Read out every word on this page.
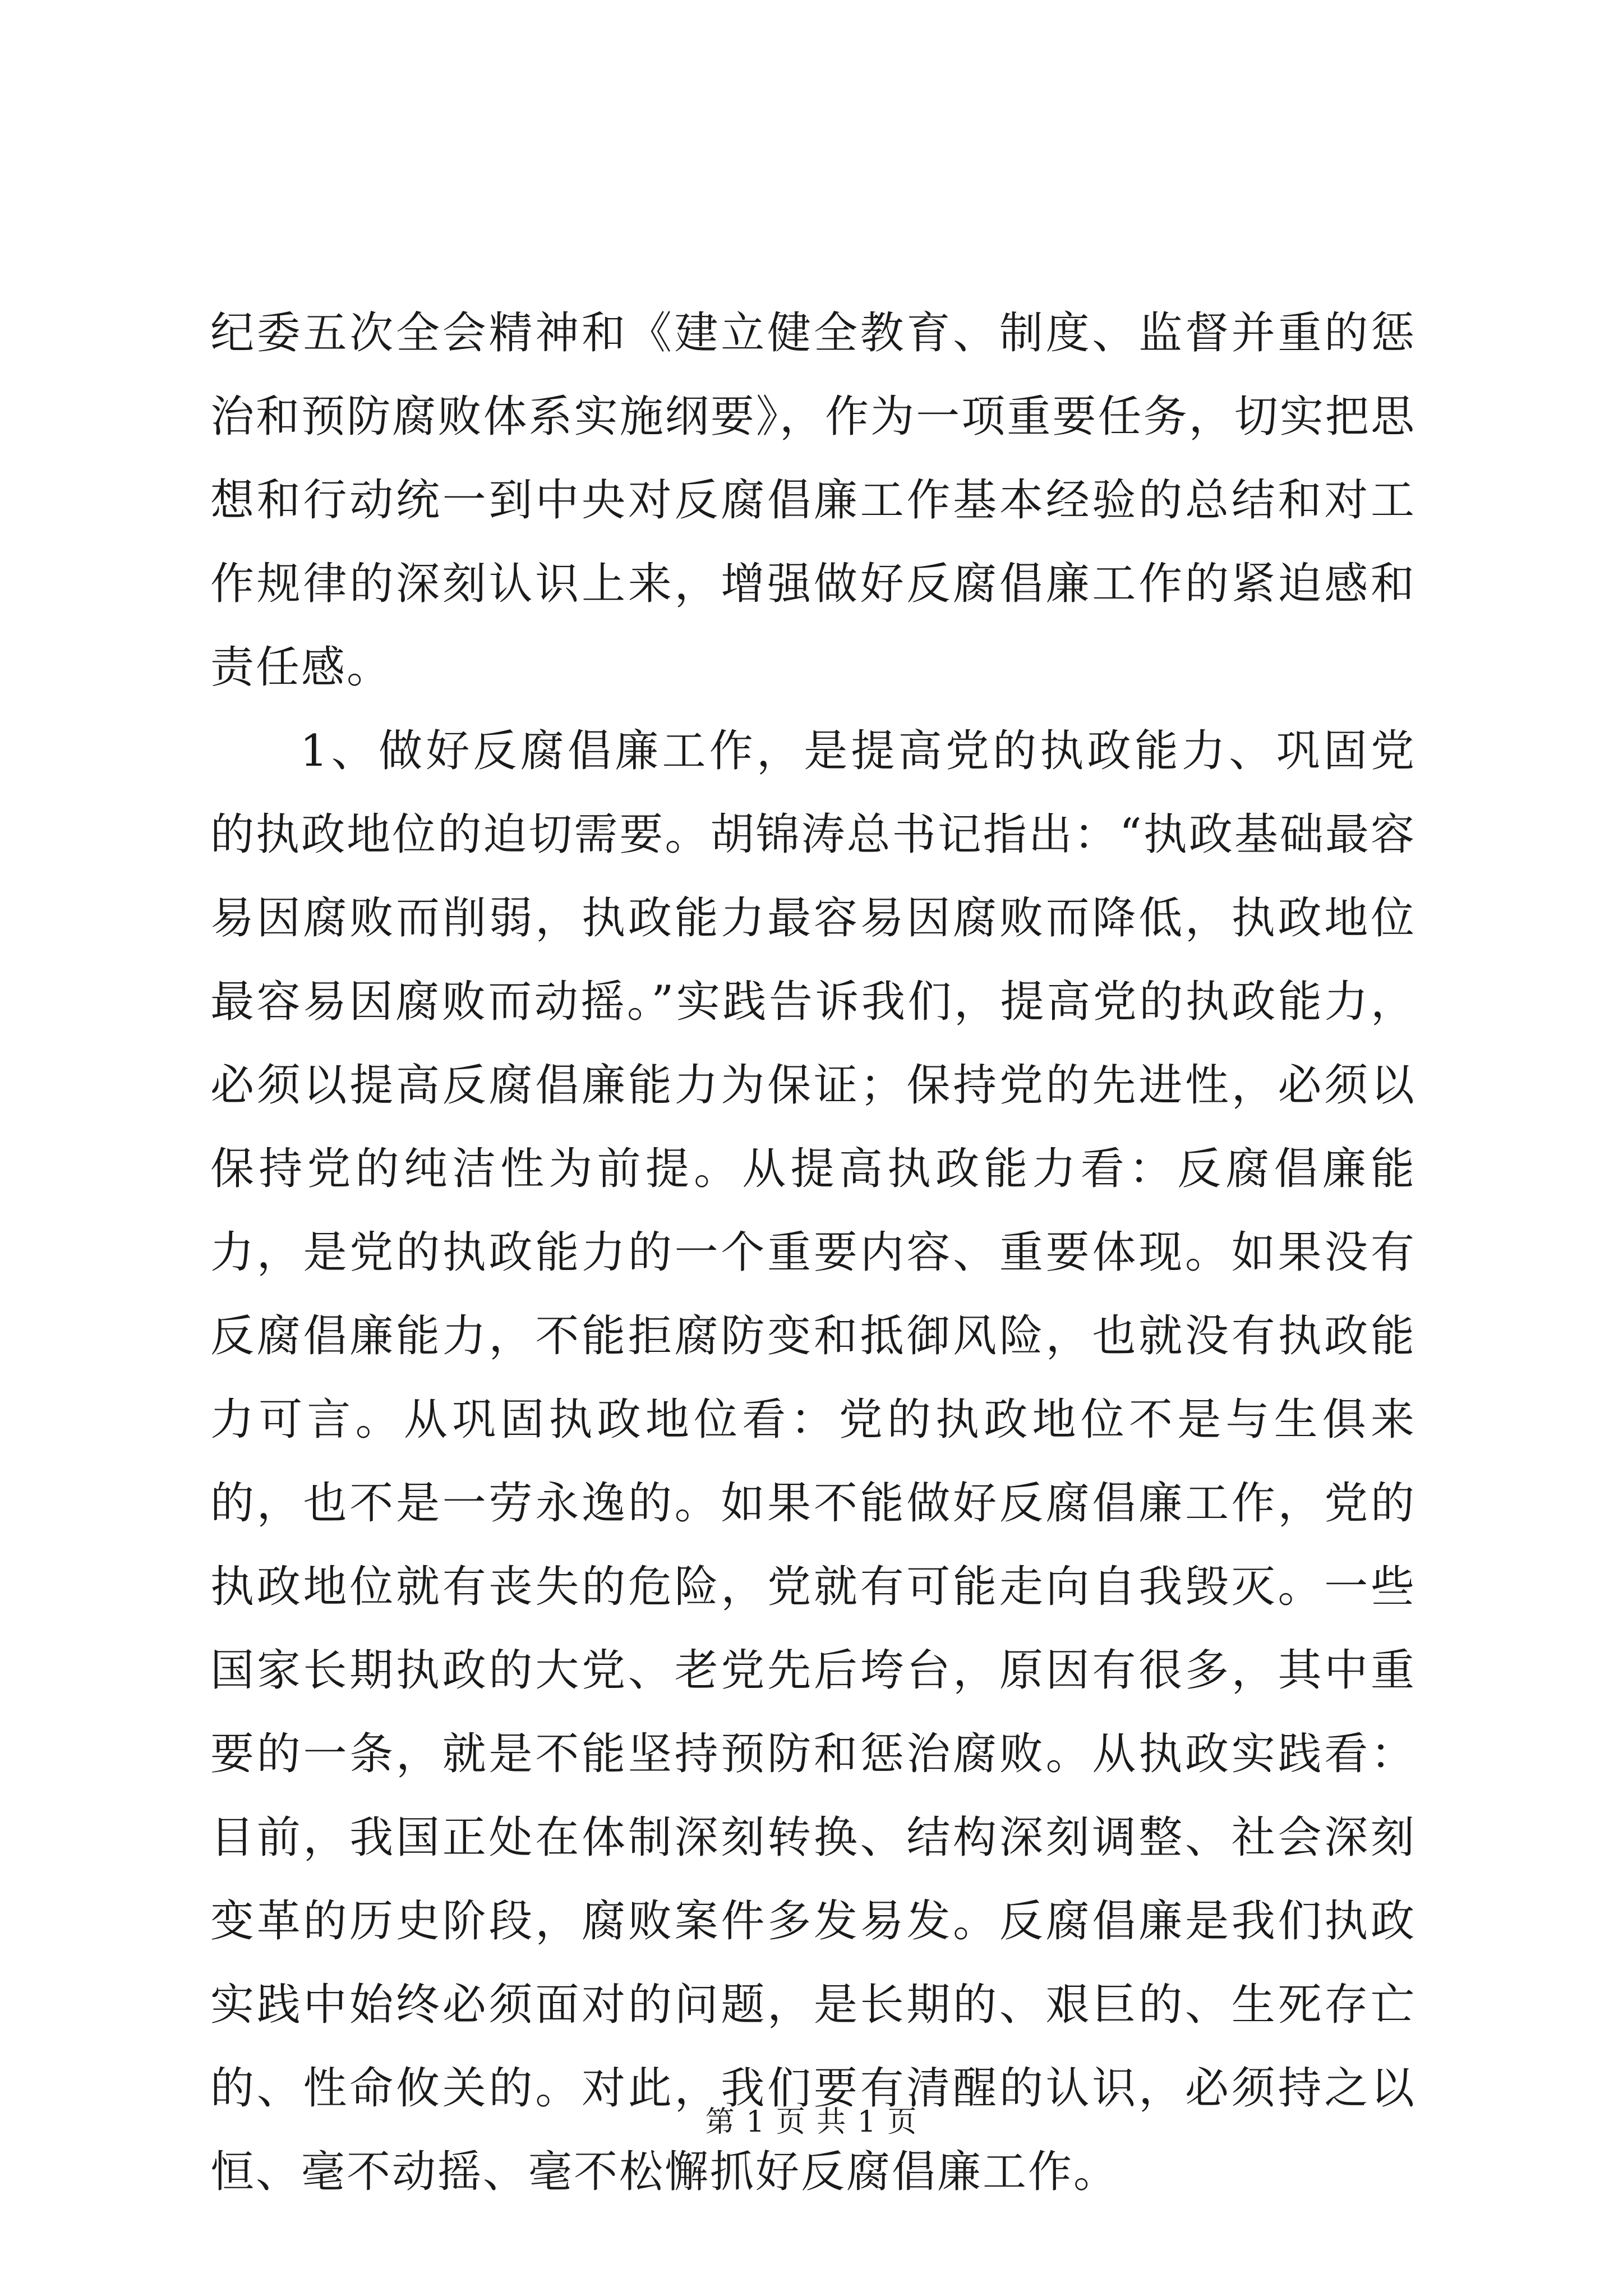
纪委五次全会精神和《建立健全教育、制度、监督并重的惩治和预防腐败体系实施纲要》，作为一项重要任务，切实把思想和行动统一到中央对反腐倡廉工作基本经验的总结和对工作规律的深刻认识上来，增强做好反腐倡廉工作的紧迫感和责任感。

1、做好反腐倡廉工作，是提高党的执政能力、巩固党的执政地位的迫切需要。胡锦涛总书记指出：“执政基础最容易因腐败而削弱，执政能力最容易因腐败而降低，执政地位最容易因腐败而动摇。”实践告诉我们，提高党的执政能力，必须以提高反腐倡廉能力为保证；保持党的先进性，必须以保持党的纯洁性为前提。从提高执政能力看：反腐倡廉能力，是党的执政能力的一个重要内容、重要体现。如果没有反腐倡廉能力，不能拒腐防变和抵御风险，也就没有执政能力可言。从巩固执政地位看：党的执政地位不是与生俱来的，也不是一劳永逸的。如果不能做好反腐倡廉工作，党的执政地位就有丧失的危险，党就有可能走向自我毁灭。一些国家长期执政的大党、老党先后垮台，原因有很多，其中重要的一条，就是不能坚持预防和惩治腐败。从执政实践看：目前，我国正处在体制深刻转换、结构深刻调整、社会深刻变革的历史阶段，腐败案件多发易发。反腐倡廉是我们执政实践中始终必须面对的问题，是长期的、艰巨的、生死存亡的、性命攸关的。对此，我们要有清醒的认识，必须持之以恒、毫不动摇、毫不松懈抓好反腐倡廉工作。

第 1 页 共 1 页
